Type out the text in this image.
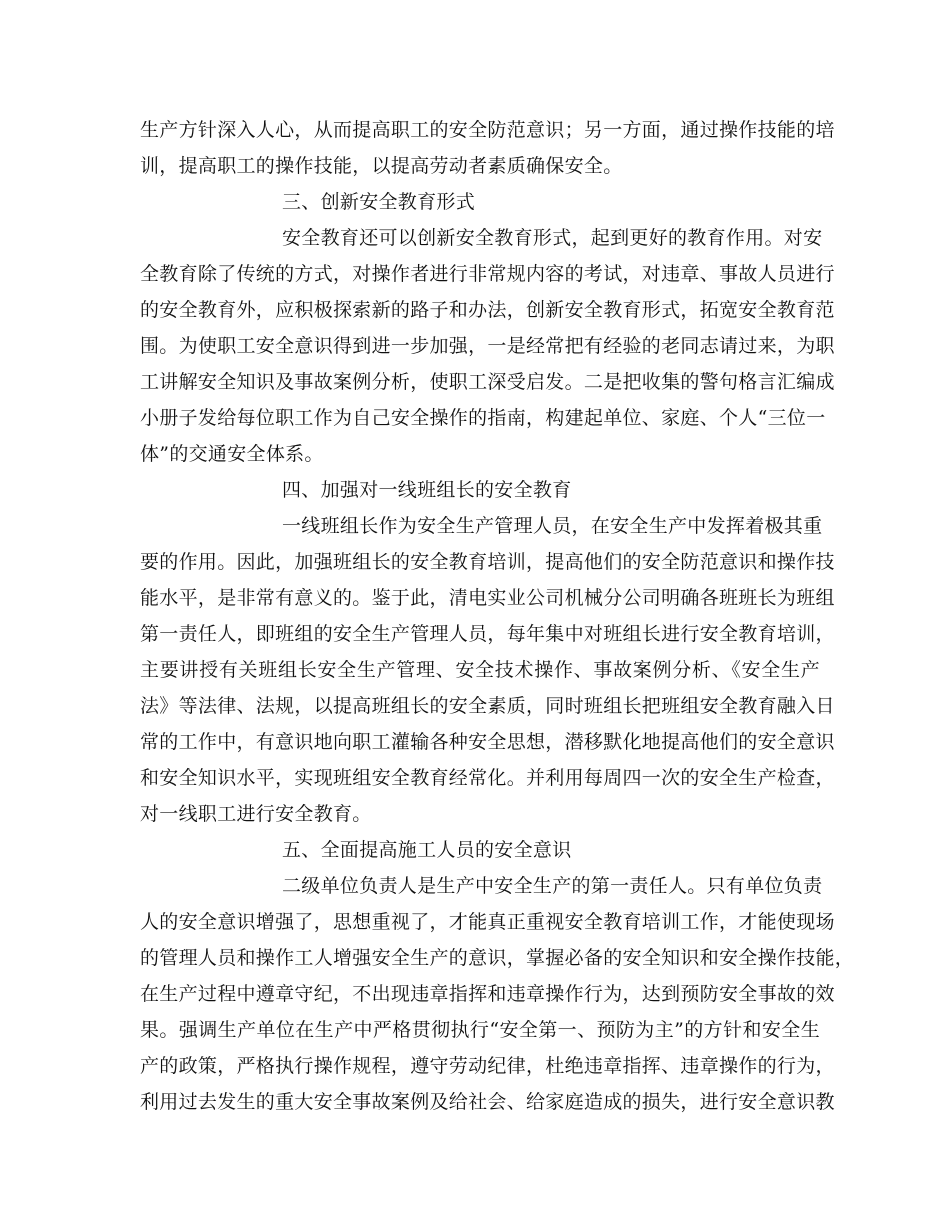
生产方针深入人心，从而提高职工的安全防范意识；另一方面，通过操作技能的培
训，提高职工的操作技能，以提高劳动者素质确保安全。
三、创新安全教育形式
安全教育还可以创新安全教育形式，起到更好的教育作用。对安
全教育除了传统的方式，对操作者进行非常规内容的考试，对违章、事故人员进行
的安全教育外，应积极探索新的路子和办法，创新安全教育形式，拓宽安全教育范
围。为使职工安全意识得到进一步加强，一是经常把有经验的老同志请过来，为职
工讲解安全知识及事故案例分析，使职工深受启发。二是把收集的警句格言汇编成
小册子发给每位职工作为自己安全操作的指南，构建起单位、家庭、个人“三位一
体”的交通安全体系。
四、加强对一线班组长的安全教育
一线班组长作为安全生产管理人员，在安全生产中发挥着极其重
要的作用。因此，加强班组长的安全教育培训，提高他们的安全防范意识和操作技
能水平，是非常有意义的。鉴于此，清电实业公司机械分公司明确各班班长为班组
第一责任人，即班组的安全生产管理人员，每年集中对班组长进行安全教育培训，
主要讲授有关班组长安全生产管理、安全技术操作、事故案例分析、《安全生产
法》等法律、法规，以提高班组长的安全素质，同时班组长把班组安全教育融入日
常的工作中，有意识地向职工灌输各种安全思想，潜移默化地提高他们的安全意识
和安全知识水平，实现班组安全教育经常化。并利用每周四一次的安全生产检查，
对一线职工进行安全教育。
五、全面提高施工人员的安全意识
二级单位负责人是生产中安全生产的第一责任人。只有单位负责
人的安全意识增强了，思想重视了，才能真正重视安全教育培训工作，才能使现场
的管理人员和操作工人增强安全生产的意识，掌握必备的安全知识和安全操作技能，
在生产过程中遵章守纪，不出现违章指挥和违章操作行为，达到预防安全事故的效
果。强调生产单位在生产中严格贯彻执行“安全第一、预防为主”的方针和安全生
产的政策，严格执行操作规程，遵守劳动纪律，杜绝违章指挥、违章操作的行为，
利用过去发生的重大安全事故案例及给社会、给家庭造成的损失，进行安全意识教
